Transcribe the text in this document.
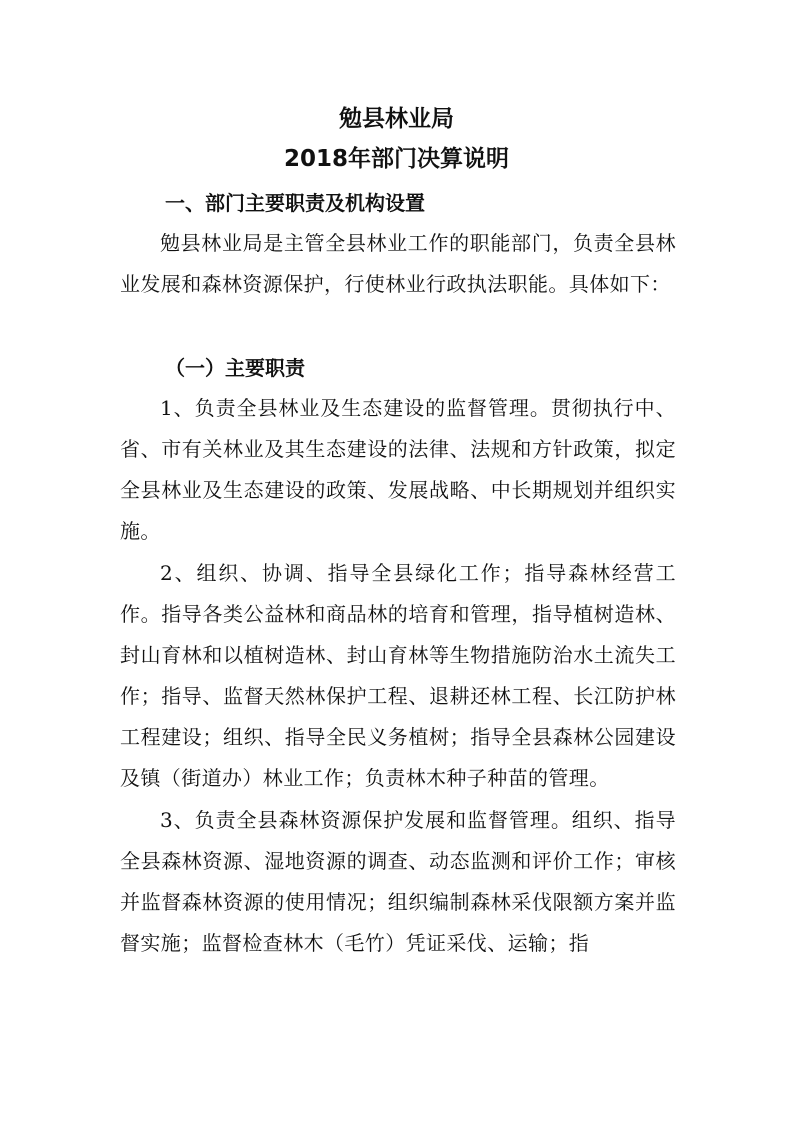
勉县林业局
2018年部门决算说明
一、部门主要职责及机构设置

勉县林业局是主管全县林业工作的职能部门，负责全县林业发展和森林资源保护，行使林业行政执法职能。具体如下：

（一）主要职责

1、负责全县林业及生态建设的监督管理。贯彻执行中、省、市有关林业及其生态建设的法律、法规和方针政策，拟定全县林业及生态建设的政策、发展战略、中长期规划并组织实施。

2、组织、协调、指导全县绿化工作；指导森林经营工作。指导各类公益林和商品林的培育和管理，指导植树造林、封山育林和以植树造林、封山育林等生物措施防治水土流失工作；指导、监督天然林保护工程、退耕还林工程、长江防护林工程建设；组织、指导全民义务植树；指导全县森林公园建设及镇（街道办）林业工作；负责林木种子种苗的管理。

3、负责全县森林资源保护发展和监督管理。组织、指导全县森林资源、湿地资源的调查、动态监测和评价工作；审核并监督森林资源的使用情况；组织编制森林采伐限额方案并监督实施；监督检查林木（毛竹）凭证采伐、运输；指
